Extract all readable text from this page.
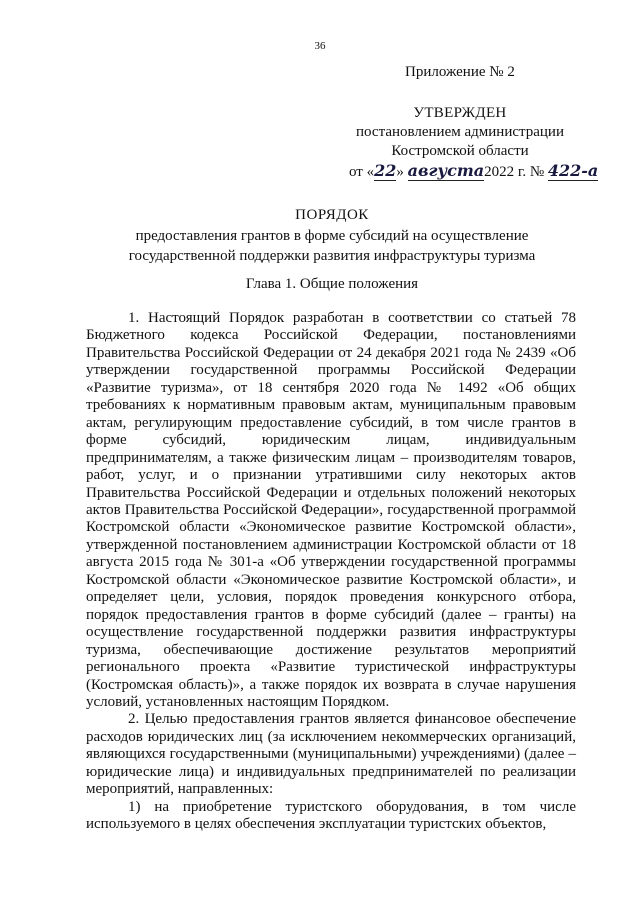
36
Приложение № 2
УТВЕРЖДЕН
постановлением администрации
Костромской области
от «22» августа2022 г. № 422-а
ПОРЯДОК
предоставления грантов в форме субсидий на осуществление государственной поддержки развития инфраструктуры туризма
Глава 1. Общие положения

1. Настоящий Порядок разработан в соответствии со статьей 78 Бюджетного кодекса Российской Федерации, постановлениями Правительства Российской Федерации от 24 декабря 2021 года № 2439 «Об утверждении государственной программы Российской Федерации «Развитие туризма», от 18 сентября 2020 года № 1492 «Об общих требованиях к нормативным правовым актам, муниципальным правовым актам, регулирующим предоставление субсидий, в том числе грантов в форме субсидий, юридическим лицам, индивидуальным предпринимателям, а также физическим лицам – производителям товаров, работ, услуг, и о признании утратившими силу некоторых актов Правительства Российской Федерации и отдельных положений некоторых актов Правительства Российской Федерации», государственной программой Костромской области «Экономическое развитие Костромской области», утвержденной постановлением администрации Костромской области от 18 августа 2015 года № 301-а «Об утверждении государственной программы Костромской области «Экономическое развитие Костромской области», и определяет цели, условия, порядок проведения конкурсного отбора, порядок предоставления грантов в форме субсидий (далее – гранты) на осуществление государственной поддержки развития инфраструктуры туризма, обеспечивающие достижение результатов мероприятий регионального проекта «Развитие туристической инфраструктуры (Костромская область)», а также порядок их возврата в случае нарушения условий, установленных настоящим Порядком.

2. Целью предоставления грантов является финансовое обеспечение расходов юридических лиц (за исключением некоммерческих организаций, являющихся государственными (муниципальными) учреждениями) (далее – юридические лица) и индивидуальных предпринимателей по реализации мероприятий, направленных:

1) на приобретение туристского оборудования, в том числе используемого в целях обеспечения эксплуатации туристских объектов,
